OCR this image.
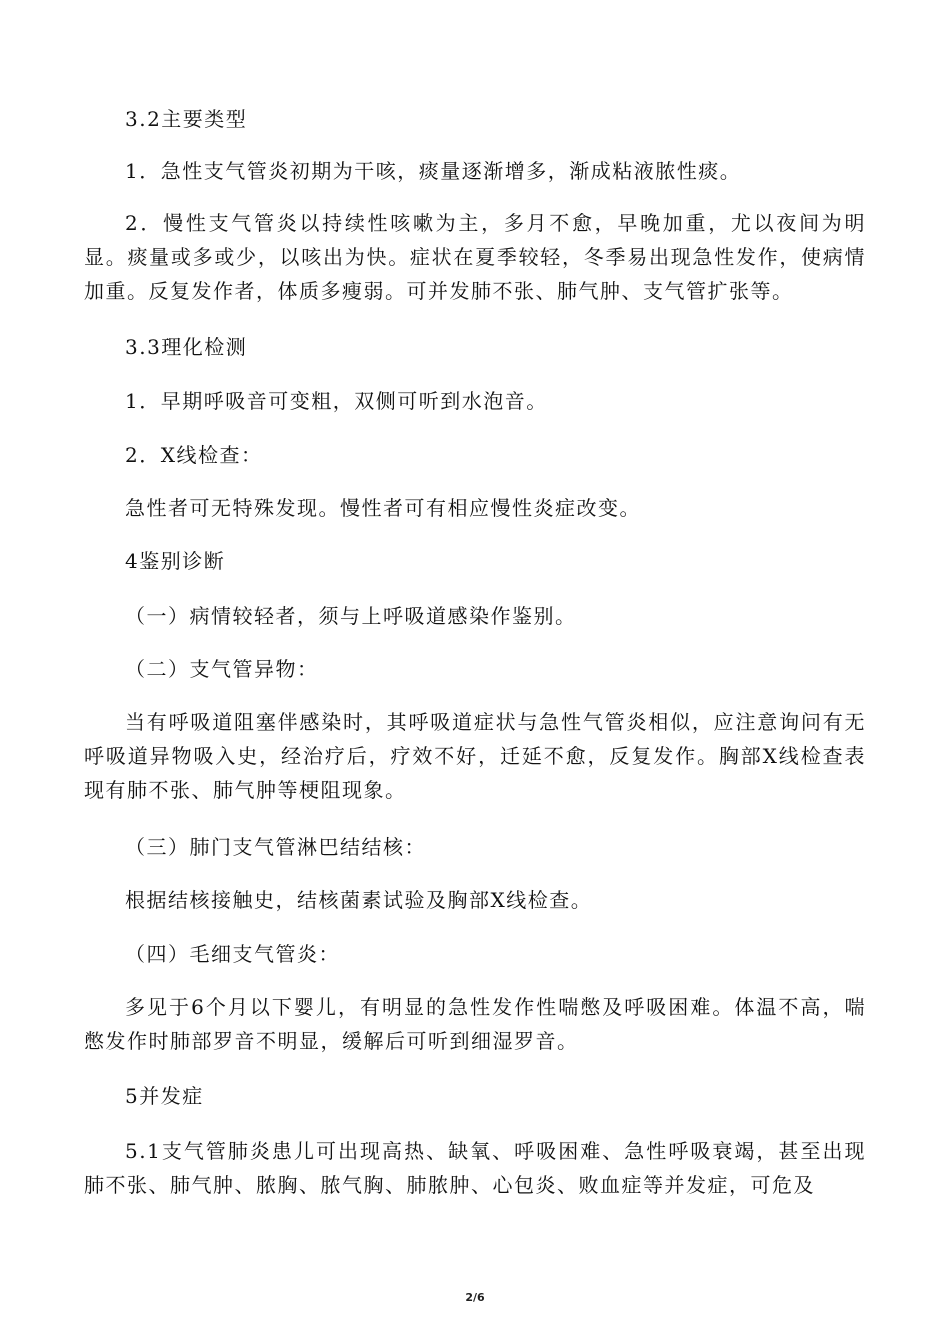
3.2主要类型

1．急性支气管炎初期为干咳，痰量逐渐增多，渐成粘液脓性痰。

2．慢性支气管炎以持续性咳嗽为主，多月不愈，早晚加重，尤以夜间为明显。痰量或多或少，以咳出为快。症状在夏季较轻，冬季易出现急性发作，使病情加重。反复发作者，体质多瘦弱。可并发肺不张、肺气肿、支气管扩张等。

3.3理化检测

1．早期呼吸音可变粗，双侧可听到水泡音。

2．X线检查：

急性者可无特殊发现。慢性者可有相应慢性炎症改变。

4鉴别诊断

（一）病情较轻者，须与上呼吸道感染作鉴别。

（二）支气管异物：

当有呼吸道阻塞伴感染时，其呼吸道症状与急性气管炎相似，应注意询问有无呼吸道异物吸入史，经治疗后，疗效不好，迁延不愈，反复发作。胸部X线检查表现有肺不张、肺气肿等梗阻现象。

（三）肺门支气管淋巴结结核：

根据结核接触史，结核菌素试验及胸部X线检查。

（四）毛细支气管炎：

多见于6个月以下婴儿，有明显的急性发作性喘憋及呼吸困难。体温不高，喘憋发作时肺部罗音不明显，缓解后可听到细湿罗音。

5并发症

5.1支气管肺炎患儿可出现高热、缺氧、呼吸困难、急性呼吸衰竭，甚至出现肺不张、肺气肿、脓胸、脓气胸、肺脓肿、心包炎、败血症等并发症，可危及

2/6
